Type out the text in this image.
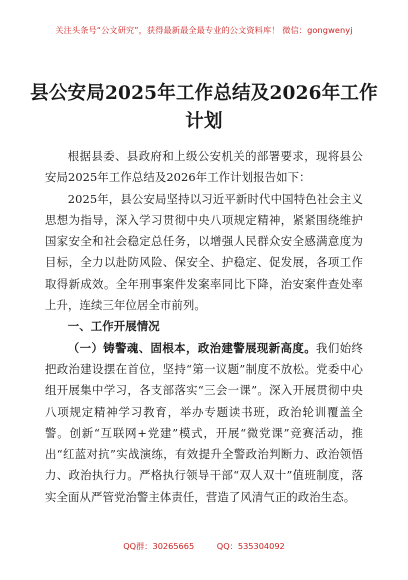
关注头条号“公文研究”，获得最新最全最专业的公文资料库！ 微信：gongwenyj
县公安局2025年工作总结及2026年工作计划

根据县委、县政府和上级公安机关的部署要求，现将县公安局2025年工作总结及2026年工作计划报告如下：

2025年，县公安局坚持以习近平新时代中国特色社会主义思想为指导，深入学习贯彻中央八项规定精神，紧紧围绕维护国家安全和社会稳定总任务，以增强人民群众安全感满意度为目标，全力以赴防风险、保安全、护稳定、促发展，各项工作取得新成效。全年刑事案件发案率同比下降，治安案件查处率上升，连续三年位居全市前列。

一、工作开展情况

（一）铸警魂、固根本，政治建警展现新高度。我们始终把政治建设摆在首位，坚持“第一议题”制度不放松。党委中心组开展集中学习，各支部落实“三会一课”。深入开展贯彻中央八项规定精神学习教育，举办专题读书班，政治轮训覆盖全警。创新“互联网+党建”模式，开展“微党课”竞赛活动，推出“红蓝对抗”实战演练，有效提升全警政治判断力、政治领悟力、政治执行力。严格执行领导干部“双人双十”值班制度，落实全面从严管党治警主体责任，营造了风清气正的政治生态。

QQ群：30265665	QQ：535304092
